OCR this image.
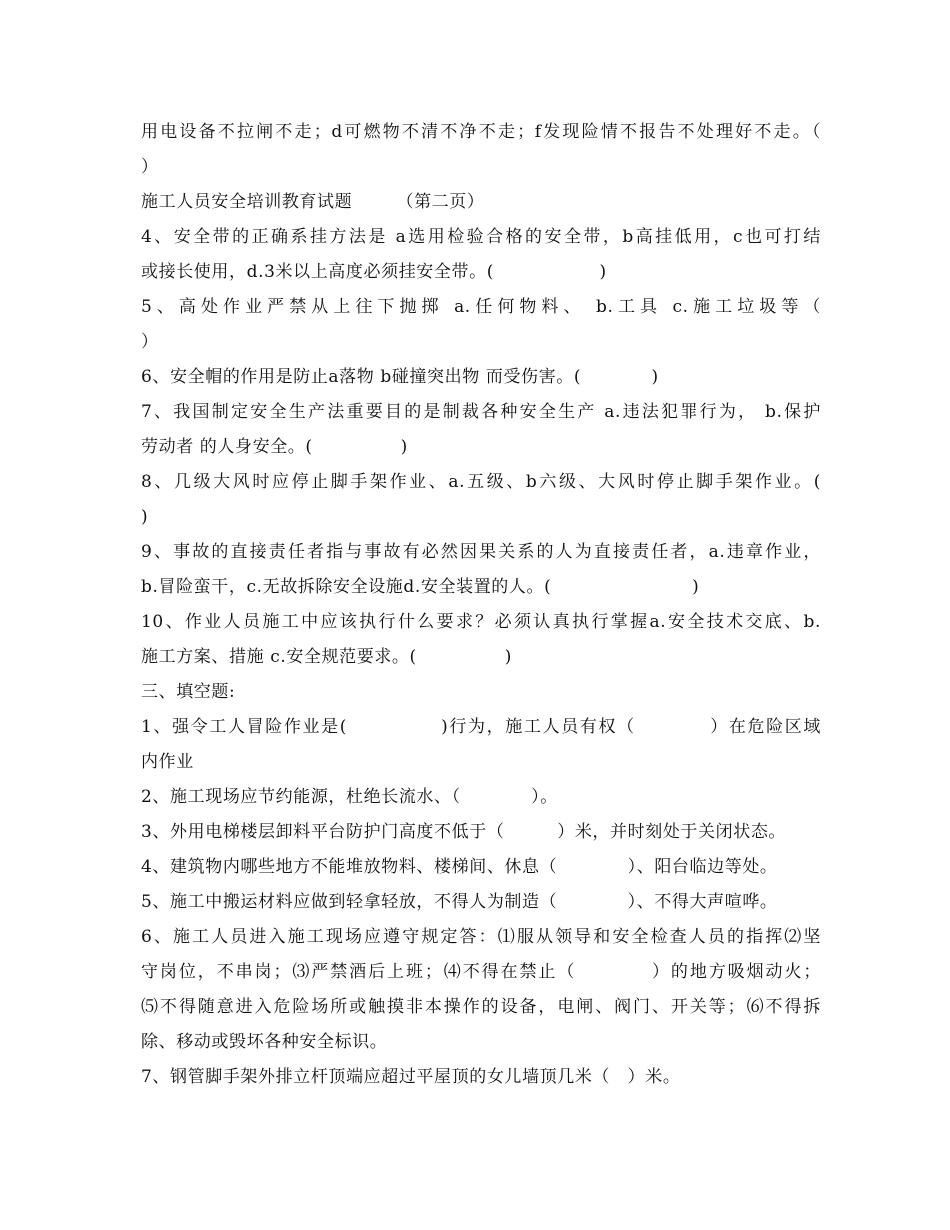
用电设备不拉闸不走；d可燃物不清不净不走；f发现险情不报告不处理好不走。（
）
施工人员安全培训教育试题　　　（第二页）
4、安全带的正确系挂方法是 a选用检验合格的安全带，b高挂低用，c也可打结
或接长使用，d.3米以上高度必须挂安全带。(　　　　　　)
5、高处作业严禁从上往下抛掷 a.任何物料、 b.工具 c.施工垃圾等（
）
6、安全帽的作用是防止a落物 b碰撞突出物 而受伤害。(　　　　)
7、我国制定安全生产法重要目的是制裁各种安全生产 a.违法犯罪行为， b.保护
劳动者 的人身安全。(　　　　　)
8、几级大风时应停止脚手架作业、a.五级、b六级、大风时停止脚手架作业。(
)
9、事故的直接责任者指与事故有必然因果关系的人为直接责任者，a.违章作业，
b.冒险蛮干，c.无故拆除安全设施d.安全装置的人。(　　　　　　　　)
10、作业人员施工中应该执行什么要求？必须认真执行掌握a.安全技术交底、b.
施工方案、措施 c.安全规范要求。(　　　　　)
三、填空题:
1、强令工人冒险作业是(　　　　　)行为，施工人员有权（　　　　）在危险区域
内作业
2、施工现场应节约能源，杜绝长流水、（　　　　）。
3、外用电梯楼层卸料平台防护门高度不低于（　　　）米，并时刻处于关闭状态。
4、建筑物内哪些地方不能堆放物料、楼梯间、休息（　　　　）、阳台临边等处。
5、施工中搬运材料应做到轻拿轻放，不得人为制造（　　　　）、不得大声喧哗。
6、施工人员进入施工现场应遵守规定答：⑴服从领导和安全检查人员的指挥⑵坚
守岗位，不串岗；⑶严禁酒后上班；⑷不得在禁止（　　　　）的地方吸烟动火；
⑸不得随意进入危险场所或触摸非本操作的设备，电闸、阀门、开关等；⑹不得拆
除、移动或毁坏各种安全标识。
7、钢管脚手架外排立杆顶端应超过平屋顶的女儿墙顶几米（　）米。
